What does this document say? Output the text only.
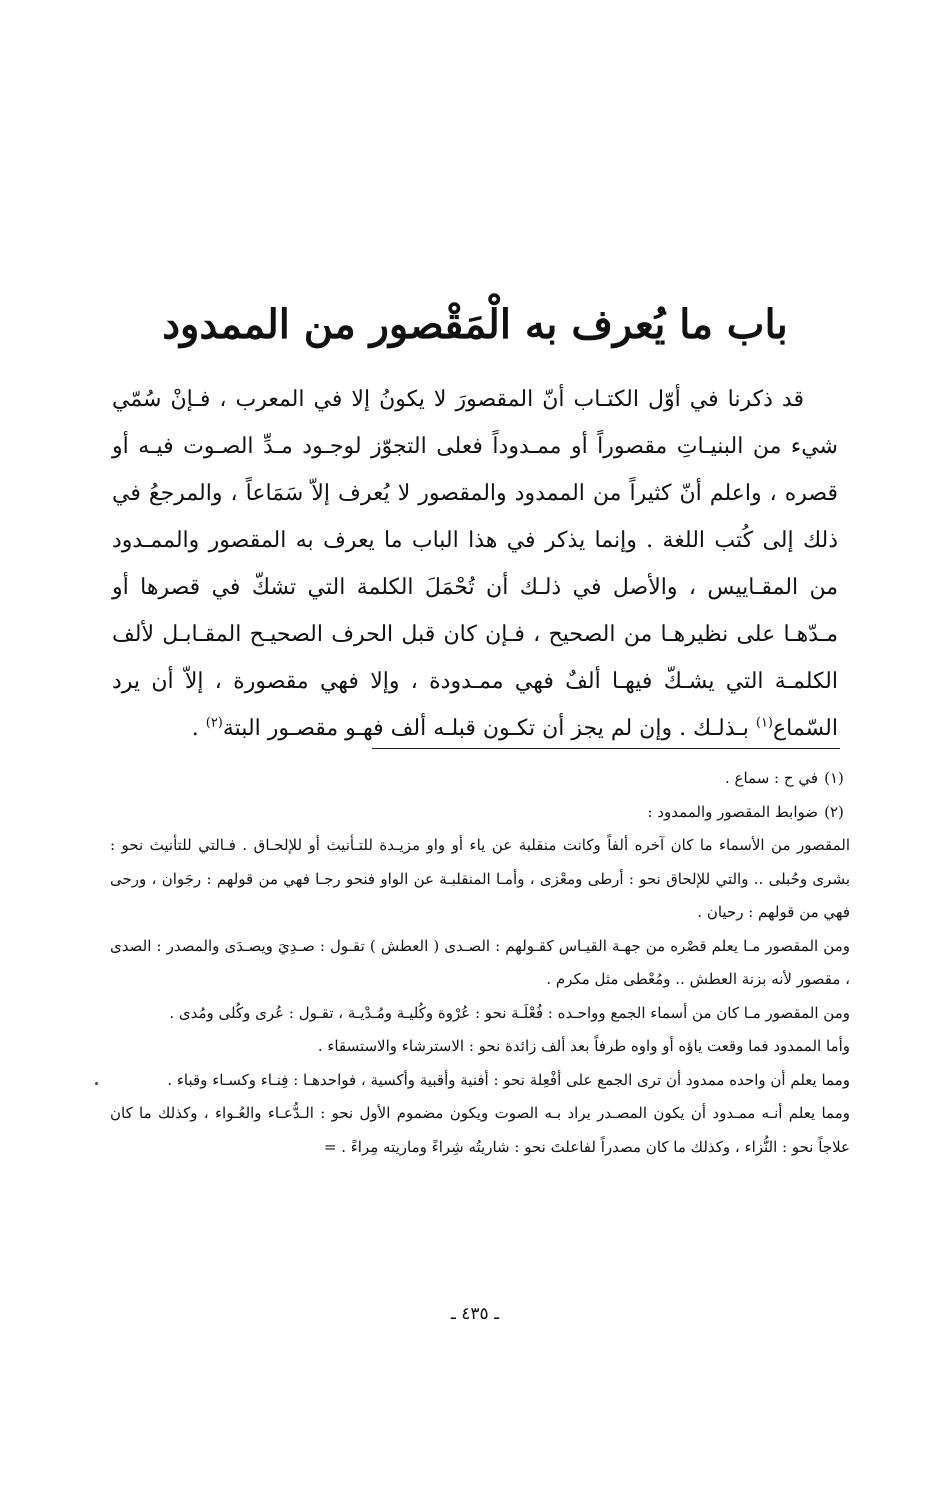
باب ما يُعرف به الْمَقْصور من الممدود

قد ذكرنا في أوّل الكتـاب أنّ المقصورَ لا يكونُ إلا في المعرب ، فـإنْ سُمّي شيء من البنيـاتِ مقصوراً أو ممـدوداً فعلى التجوّز لوجـود مـدِّ الصـوت فيـه أو قصره ، واعلم أنّ كثيراً من الممدود والمقصور لا يُعرف إلاّ سَمَاعاً ، والمرجعُ في ذلك إلى كُتب اللغة . وإنما يذكر في هذا الباب ما يعرف به المقصور والممـدود من المقـاييس ، والأصل في ذلـك أن تُحْمَلَ الكلمة التي تشكّ في قصرها أو مـدّهـا على نظيرهـا من الصحيح ، فـإن كان قبل الحرف الصحيـح المقـابـل لألف الكلمـة التي يشـكّ فيهـا ألفٌ فهي ممـدودة ، وإلا فهي مقصورة ، إلاّ أن يرد السّماع$^{(١)}$ بـذلـك . وإن لم يجز أن تكـون قبلـه ألف فهـو مقصـور البتة$^{(٢)}$ .

(١)
في ح : سماع .
(٢)
ضوابط المقصور والممدود :

المقصور من الأسماء ما كان آخره ألفاً وكانت منقلبة عن ياء أو واو مزيـدة للتـأنيث أو للإلحـاق . فـالتي للتأنيث نحو : بشرى وحُبلى .. والتي للإلحاق نحو : أرطى ومعْزى ، وأمـا المنقلبـة عن الواو فنحو رجـا فهي من قولهم : رجَوان ، ورحى فهي من قولهم : رحيان .

ومن المقصور مـا يعلم قصْره من جهـة القيـاس كقـولهم : الصـدى ( العطش ) تقـول : صـدِيَ ويصـدَى والمصدر : الصدى ، مقصور لأنه بزنة العطش .. ومُعْطى مثل مكرم .

ومن المقصور مـا كان من أسماء الجمع وواحـده : فُعْلَـة نحو : عُرْوة وكُليـة ومُـدْيـة ، تقـول : عُرى وكُلى ومُدى .

وأما الممدود فما وقعت ياؤه أو واوه طرفاً بعد ألف زائدة نحو : الاسترشاء والاستسقاء .

ومما يعلم أن واحده ممدود أن ترى الجمع على أفْعِلة نحو : أفنية وأقبية وأكسية ، فواحدهـا : فِنـاء وكسـاء وقباء .

ومما يعلم أنـه ممـدود أن يكون المصـدر يراد بـه الصوت ويكون مضموم الأول نحو : الـدُّعـاء والعُـواء ، وكذلك ما كان علاجاً نحو : النُّزاء ، وكذلك ما كان مصدراً لفاعلتَ نحو : شاريتُه شِراءً وماريته مِراءً . =

ـ ٤٣٥ ـ
